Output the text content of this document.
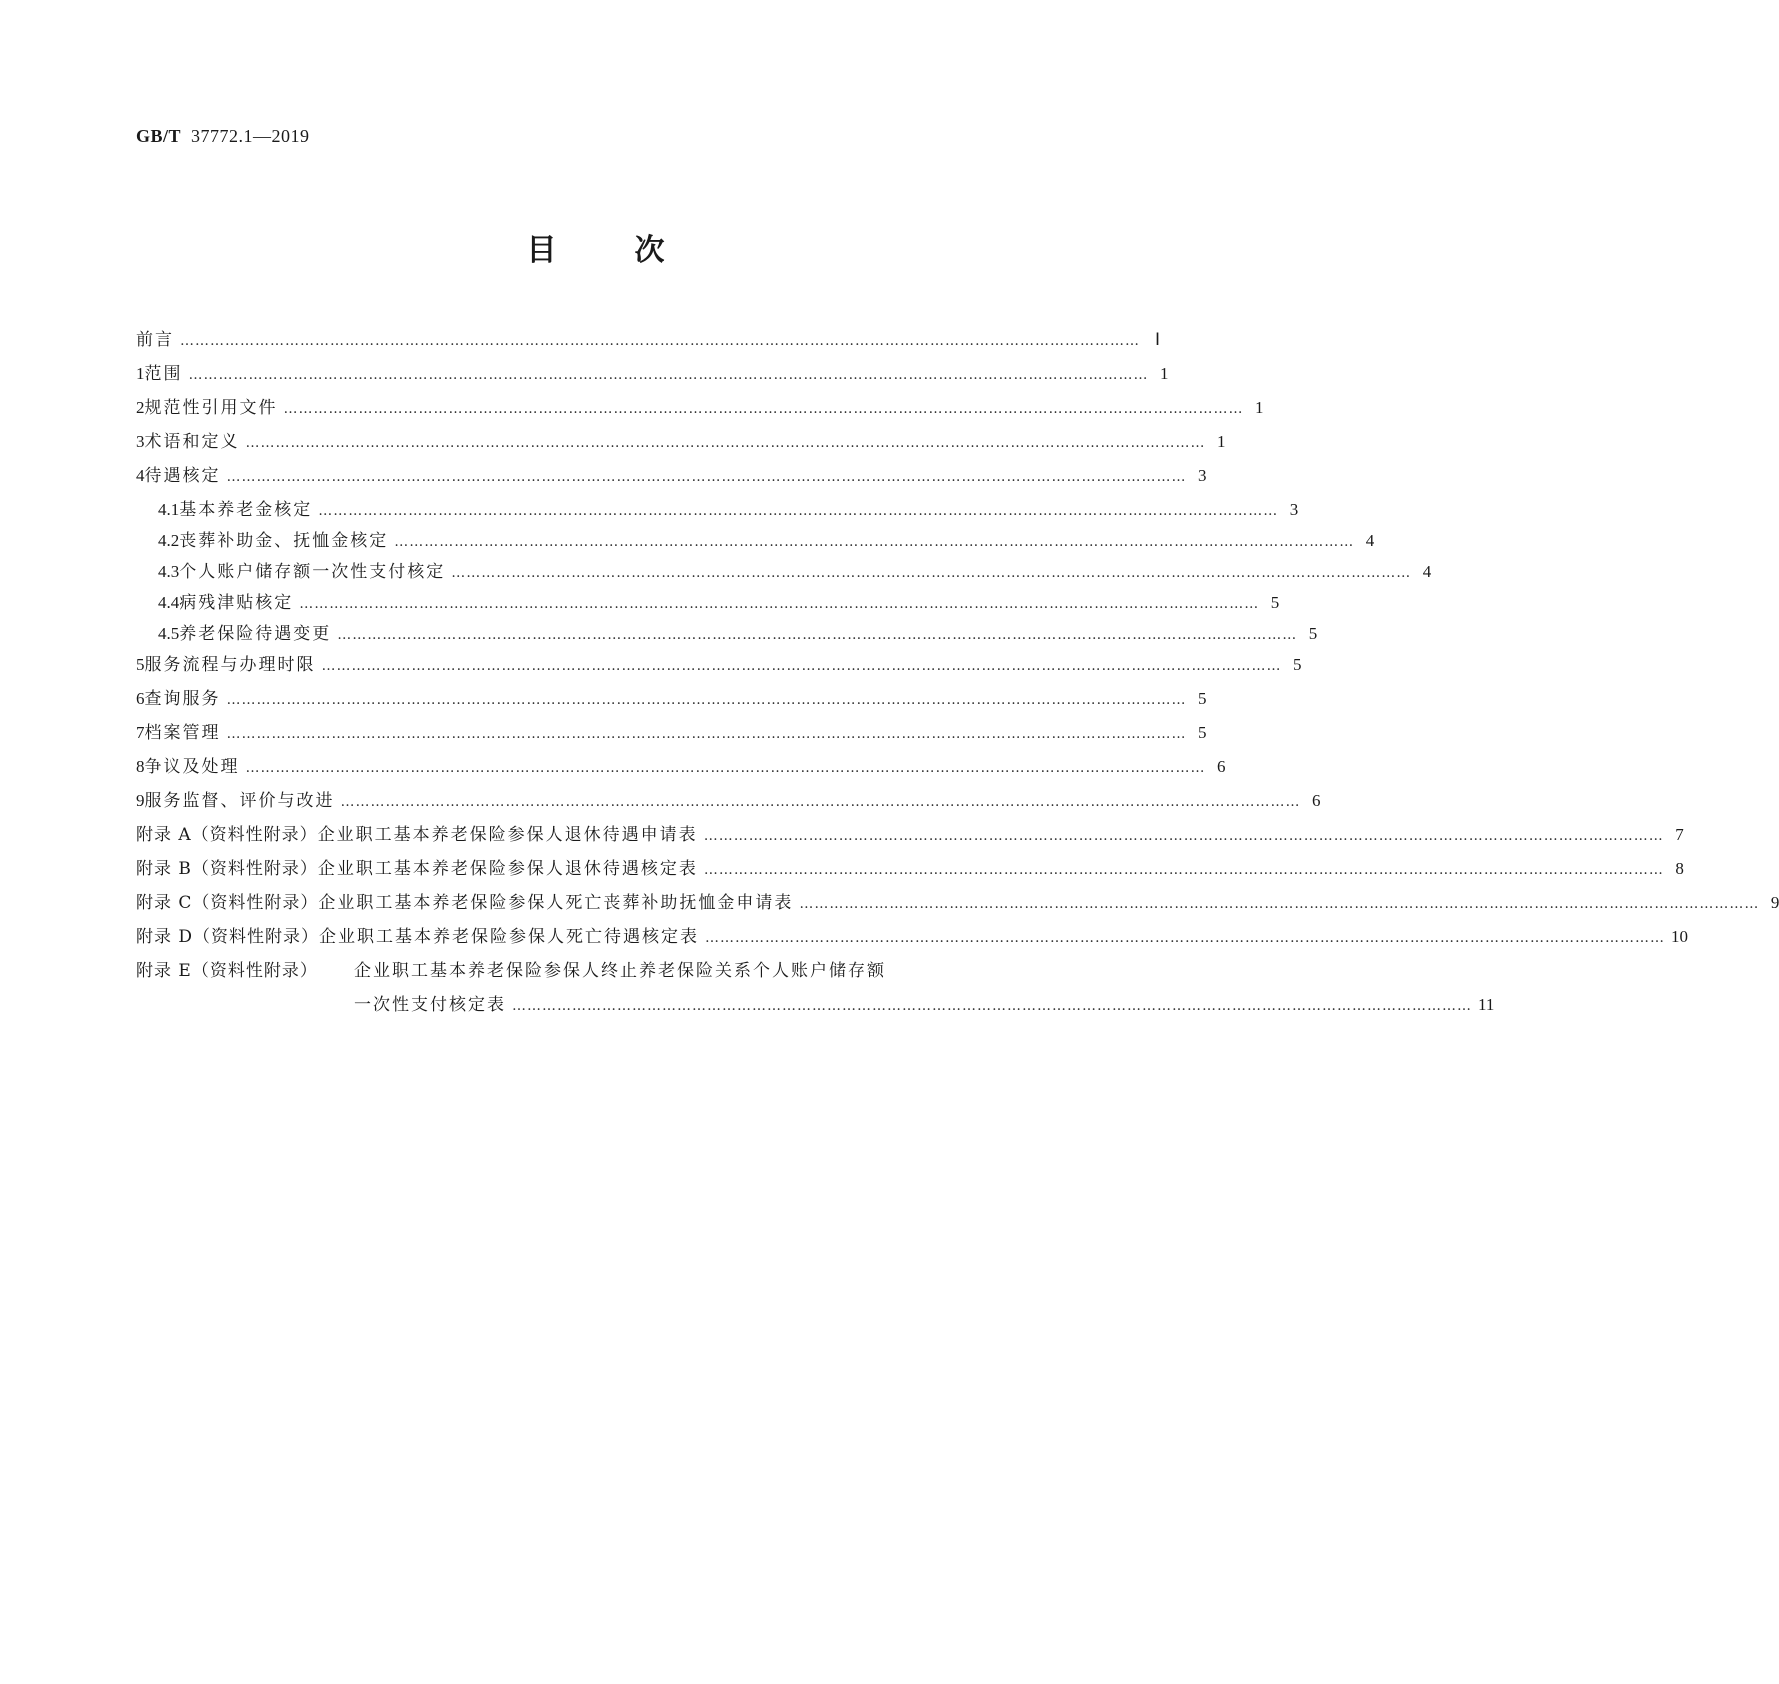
GB/T 37772.1—2019
目次
前言 ………………………………………………………………………………………………………………………………………………………………………… Ⅰ
1 范围 ………………………………………………………………………………………………………………………………………………………………………… 1
2 规范性引用文件 ………………………………………………………………………………………………………………………………………………………………………… 1
3 术语和定义 ………………………………………………………………………………………………………………………………………………………………………… 1
4 待遇核定 ………………………………………………………………………………………………………………………………………………………………………… 3
4.1 基本养老金核定 ………………………………………………………………………………………………………………………………………………………………………… 3
4.2 丧葬补助金、抚恤金核定 ………………………………………………………………………………………………………………………………………………………………………… 4
4.3 个人账户储存额一次性支付核定 ………………………………………………………………………………………………………………………………………………………………………… 4
4.4 病残津贴核定 ………………………………………………………………………………………………………………………………………………………………………… 5
4.5 养老保险待遇变更 ………………………………………………………………………………………………………………………………………………………………………… 5
5 服务流程与办理时限 ………………………………………………………………………………………………………………………………………………………………………… 5
6 查询服务 ………………………………………………………………………………………………………………………………………………………………………… 5
7 档案管理 ………………………………………………………………………………………………………………………………………………………………………… 5
8 争议及处理 ………………………………………………………………………………………………………………………………………………………………………… 6
9 服务监督、评价与改进 ………………………………………………………………………………………………………………………………………………………………………… 6
附录 A（资料性附录） 企业职工基本养老保险参保人退休待遇申请表 ………………………………………………………………………………………………………………………………………………………………………… 7
附录 B（资料性附录） 企业职工基本养老保险参保人退休待遇核定表 ………………………………………………………………………………………………………………………………………………………………………… 8
附录 C（资料性附录） 企业职工基本养老保险参保人死亡丧葬补助抚恤金申请表 ………………………………………………………………………………………………………………………………………………………………………… 9
附录 D（资料性附录） 企业职工基本养老保险参保人死亡待遇核定表 ………………………………………………………………………………………………………………………………………………………………………… 10
附录 E（资料性附录） 企业职工基本养老保险参保人终止养老保险关系个人账户储存额
一次性支付核定表 ………………………………………………………………………………………………………………………………………………………………………… 11
